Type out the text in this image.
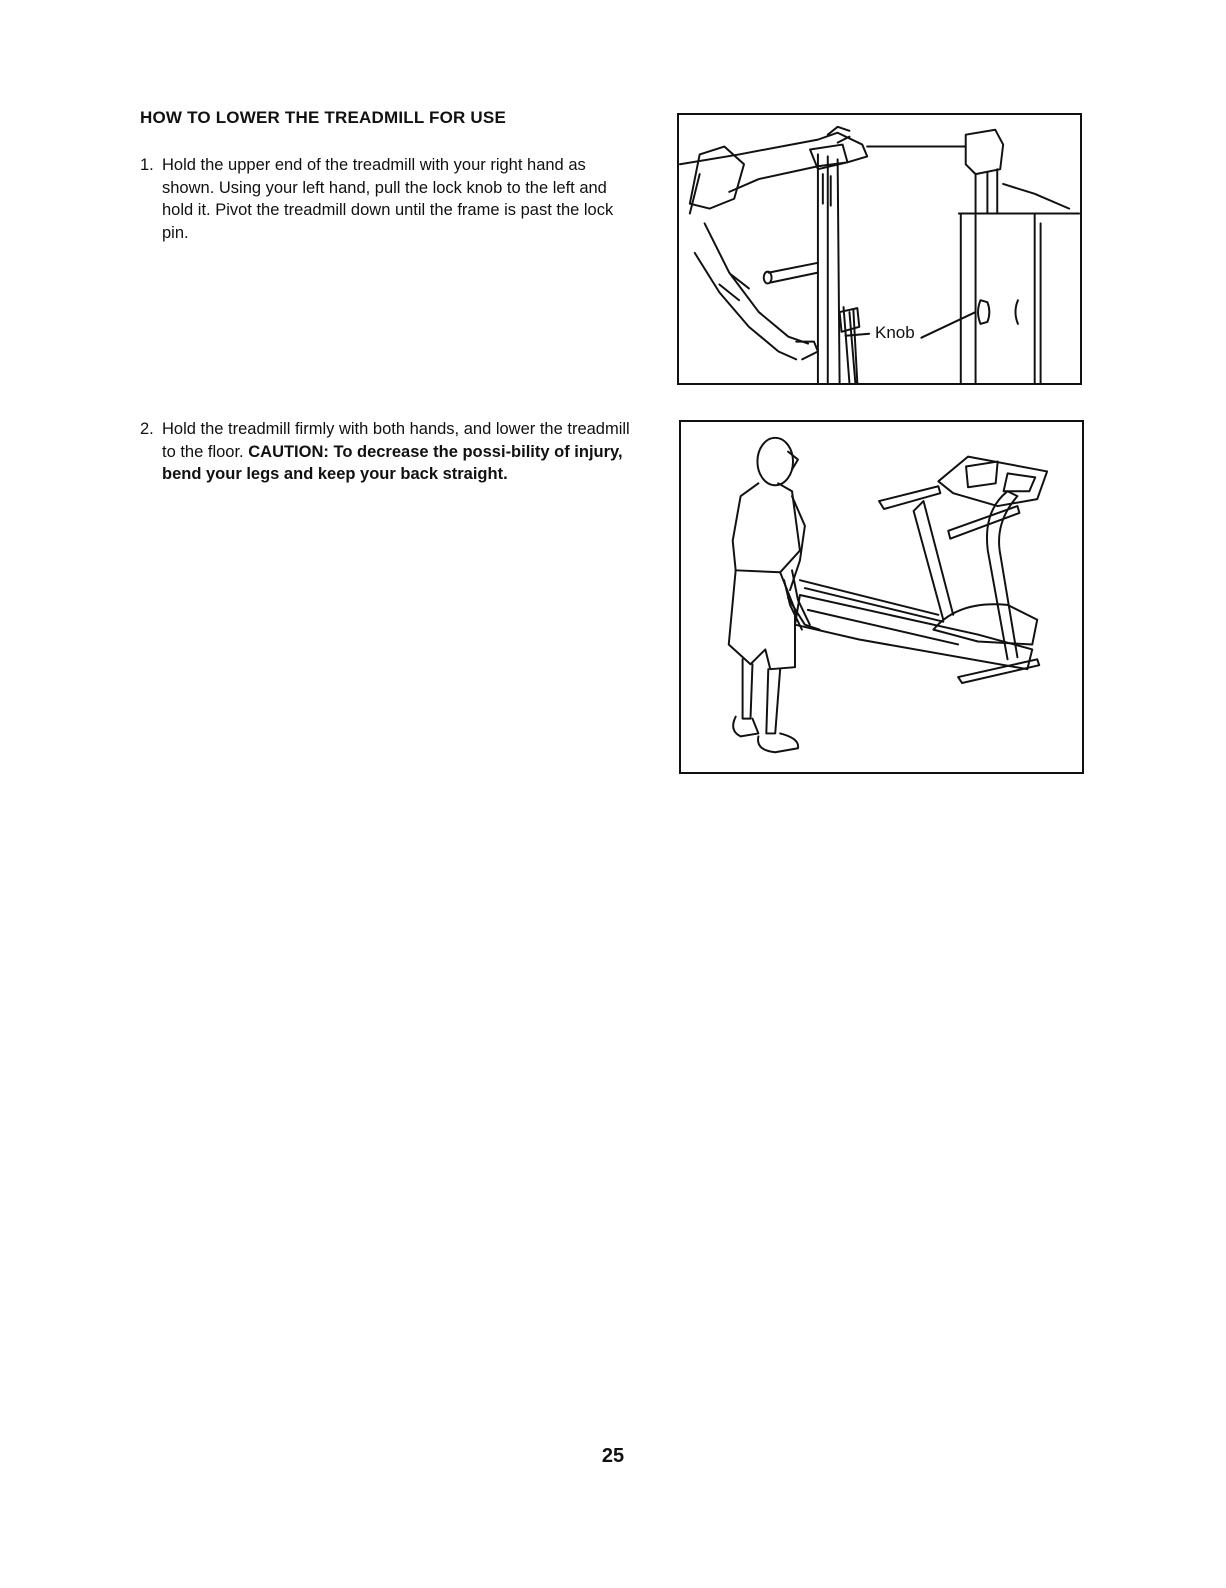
HOW TO LOWER THE TREADMILL FOR USE
1. Hold the upper end of the treadmill with your right hand as shown. Using your left hand, pull the lock knob to the left and hold it. Pivot the treadmill down until the frame is past the lock pin.

2. Hold the treadmill firmly with both hands, and lower the treadmill to the floor. CAUTION: To decrease the possi-bility of injury, bend your legs and keep your back straight.

Knob

25
